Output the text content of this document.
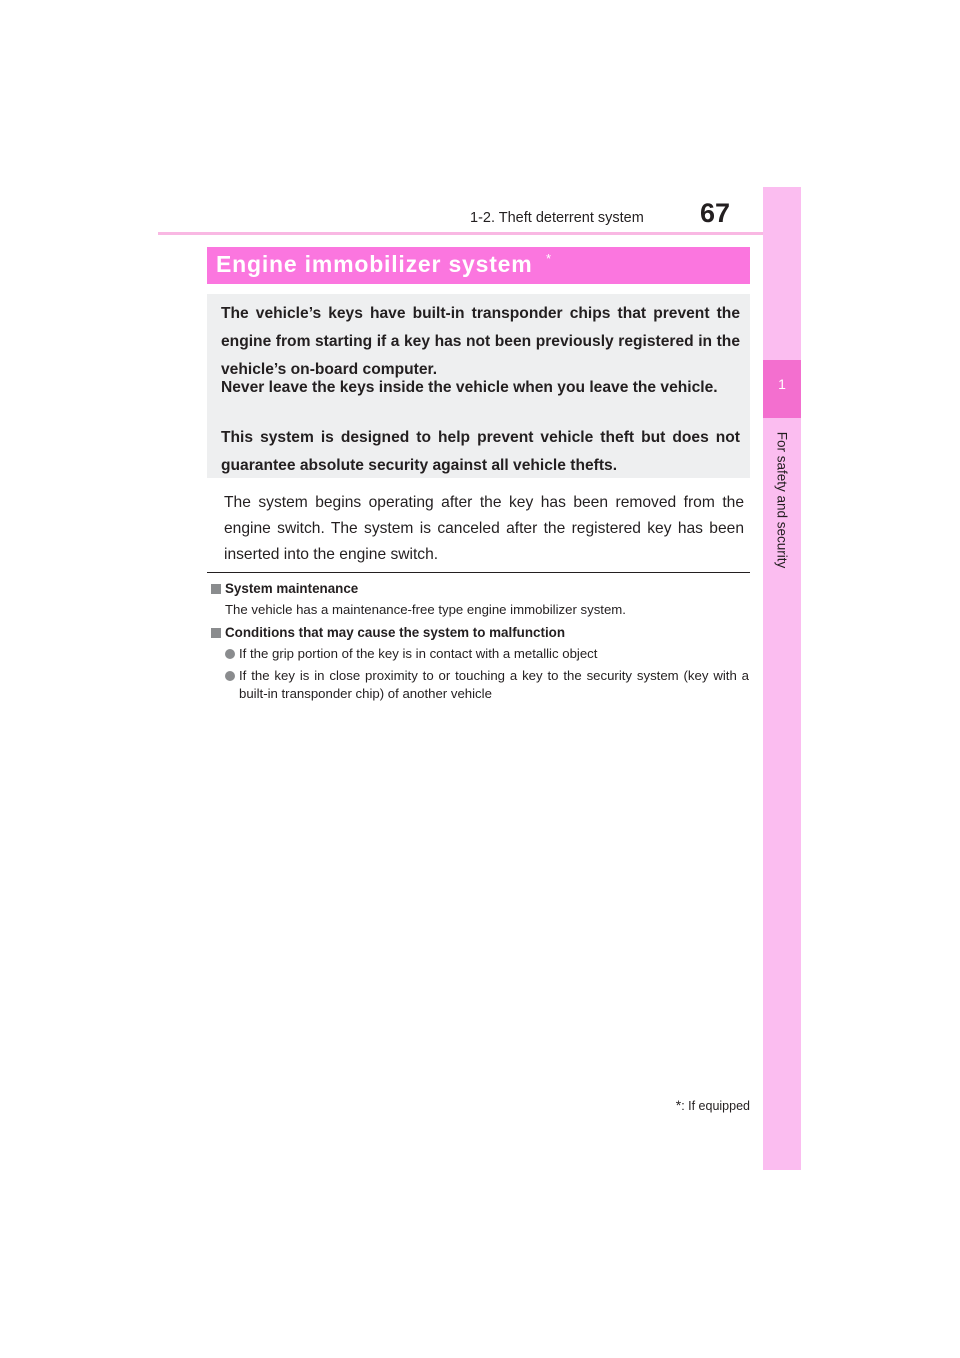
1-2. Theft deterrent system	67
1
For safety and security
Engine immobilizer system *

The vehicle’s keys have built-in transponder chips that prevent the engine from starting if a key has not been previously registered in the vehicle’s on-board computer.

Never leave the keys inside the vehicle when you leave the vehicle.

This system is designed to help prevent vehicle theft but does not guarantee absolute security against all vehicle thefts.

The system begins operating after the key has been removed from the engine switch. The system is canceled after the registered key has been inserted into the engine switch.

System maintenance
The vehicle has a maintenance-free type engine immobilizer system.
Conditions that may cause the system to malfunction

If the grip portion of the key is in contact with a metallic object

If the key is in close proximity to or touching a key to the security system (key with a built-in transponder chip) of another vehicle

*: If equipped
